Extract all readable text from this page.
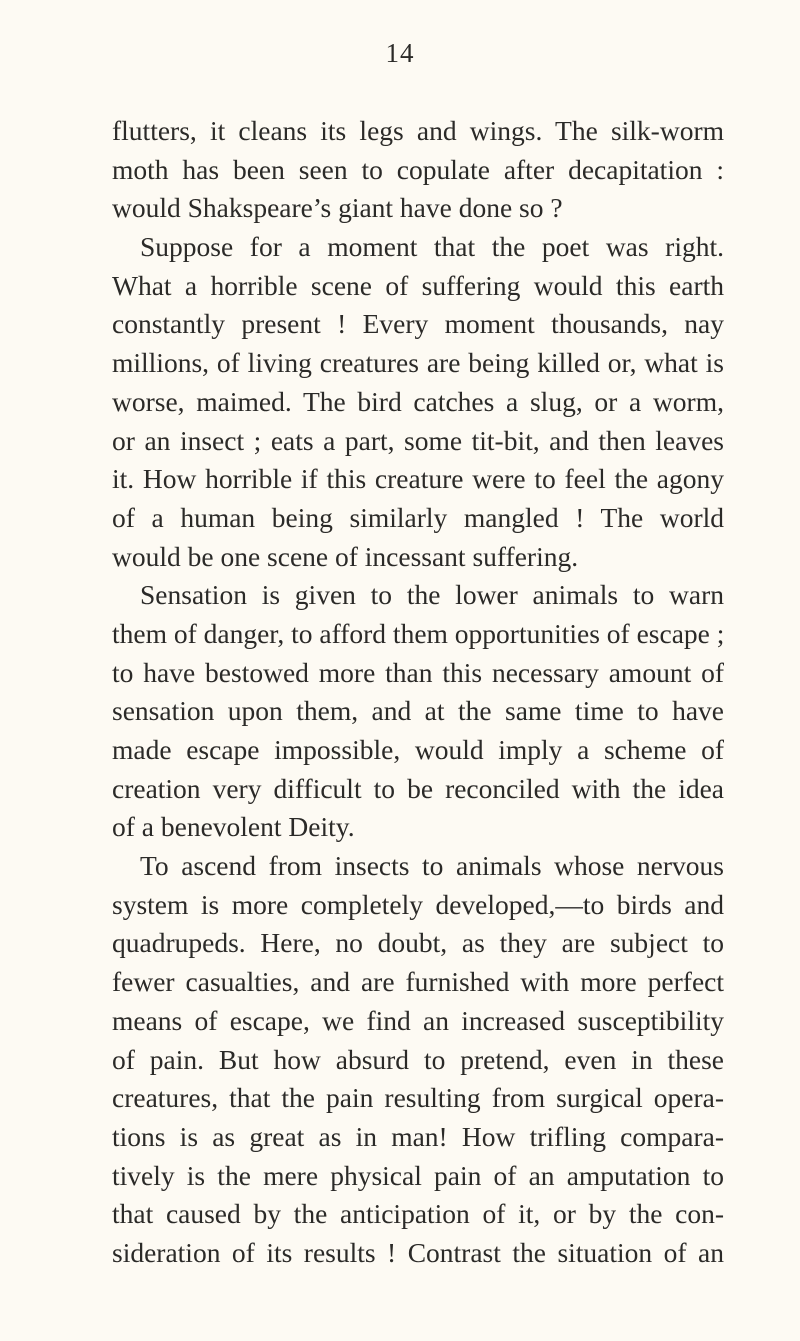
14
flutters, it cleans its legs and wings. The silk-worm
moth has been seen to copulate after decapitation :
would Shakspeare’s giant have done so ?
Suppose for a moment that the poet was right.
What a horrible scene of suffering would this earth
constantly present ! Every moment thousands, nay
millions, of living creatures are being killed or, what is
worse, maimed. The bird catches a slug, or a worm,
or an insect ; eats a part, some tit-bit, and then leaves
it. How horrible if this creature were to feel the agony
of a human being similarly mangled ! The world
would be one scene of incessant suffering.
Sensation is given to the lower animals to warn
them of danger, to afford them opportunities of escape ;
to have bestowed more than this necessary amount of
sensation upon them, and at the same time to have
made escape impossible, would imply a scheme of
creation very difficult to be reconciled with the idea
of a benevolent Deity.
To ascend from insects to animals whose nervous
system is more completely developed,—to birds and
quadrupeds. Here, no doubt, as they are subject to
fewer casualties, and are furnished with more perfect
means of escape, we find an increased susceptibility
of pain. But how absurd to pretend, even in these
creatures, that the pain resulting from surgical opera-
tions is as great as in man! How trifling compara-
tively is the mere physical pain of an amputation to
that caused by the anticipation of it, or by the con-
sideration of its results ! Contrast the situation of an
